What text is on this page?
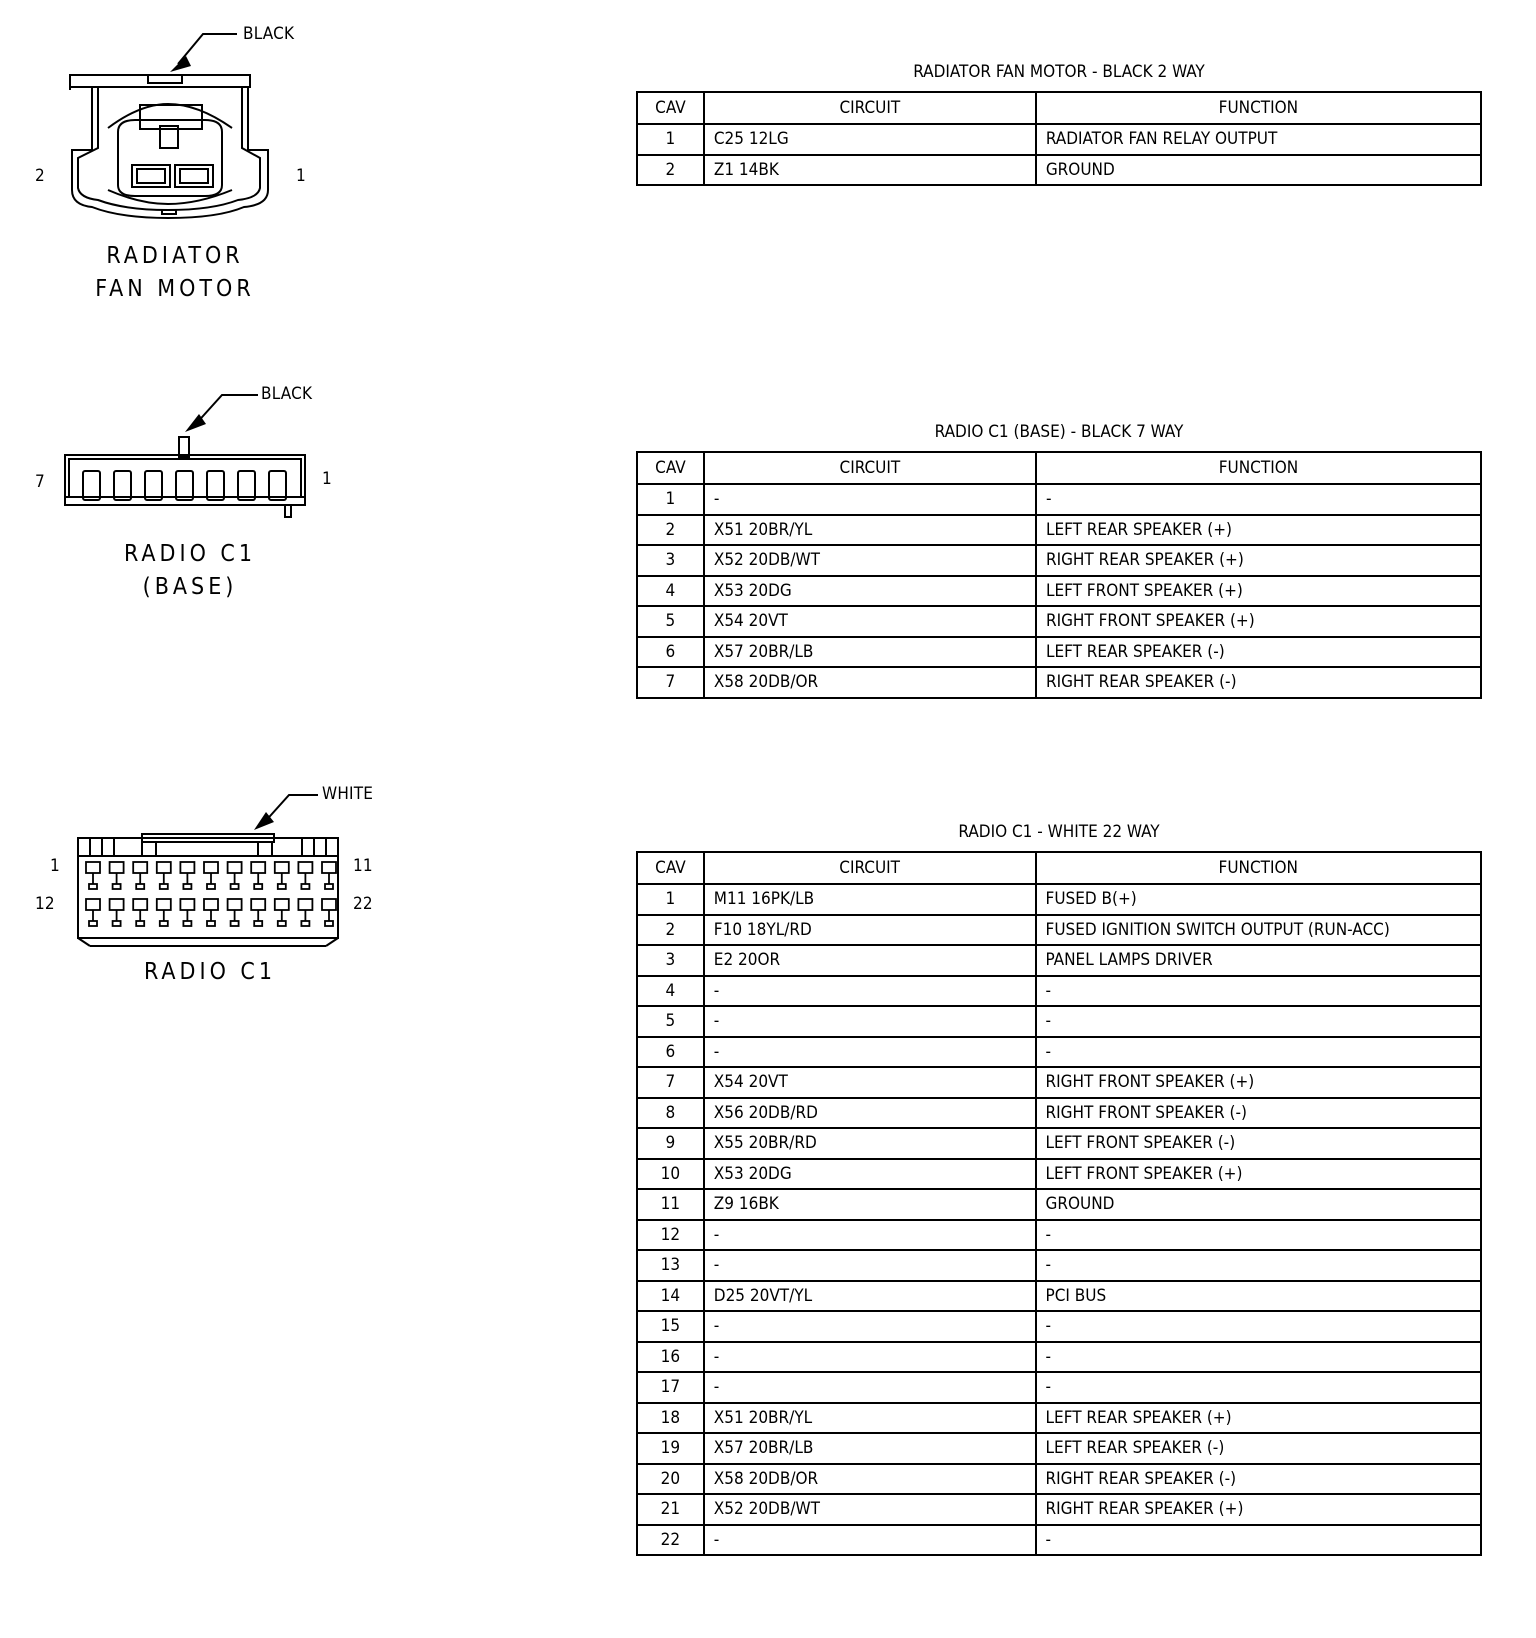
BLACK
2	1
RADIATOR
FAN MOTOR
RADIATOR FAN MOTOR - BLACK 2 WAY
CAV	CIRCUIT	FUNCTION
1	C25 12LG	RADIATOR FAN RELAY OUTPUT
2	Z1 14BK	GROUND
BLACK
7	1
RADIO C1
(BASE)
RADIO C1 (BASE) - BLACK 7 WAY
CAV	CIRCUIT	FUNCTION
1	-	-
2	X51 20BR/YL	LEFT REAR SPEAKER (+)
3	X52 20DB/WT	RIGHT REAR SPEAKER (+)
4	X53 20DG	LEFT FRONT SPEAKER (+)
5	X54 20VT	RIGHT FRONT SPEAKER (+)
6	X57 20BR/LB	LEFT REAR SPEAKER (-)
7	X58 20DB/OR	RIGHT REAR SPEAKER (-)
WHITE
1	11
12	22
RADIO C1
RADIO C1 - WHITE 22 WAY
CAV	CIRCUIT	FUNCTION
1	M11 16PK/LB	FUSED B(+)
2	F10 18YL/RD	FUSED IGNITION SWITCH OUTPUT (RUN-ACC)
3	E2 20OR	PANEL LAMPS DRIVER
4	-	-
5	-	-
6	-	-
7	X54 20VT	RIGHT FRONT SPEAKER (+)
8	X56 20DB/RD	RIGHT FRONT SPEAKER (-)
9	X55 20BR/RD	LEFT FRONT SPEAKER (-)
10	X53 20DG	LEFT FRONT SPEAKER (+)
11	Z9 16BK	GROUND
12	-	-
13	-	-
14	D25 20VT/YL	PCI BUS
15	-	-
16	-	-
17	-	-
18	X51 20BR/YL	LEFT REAR SPEAKER (+)
19	X57 20BR/LB	LEFT REAR SPEAKER (-)
20	X58 20DB/OR	RIGHT REAR SPEAKER (-)
21	X52 20DB/WT	RIGHT REAR SPEAKER (+)
22	-	-
